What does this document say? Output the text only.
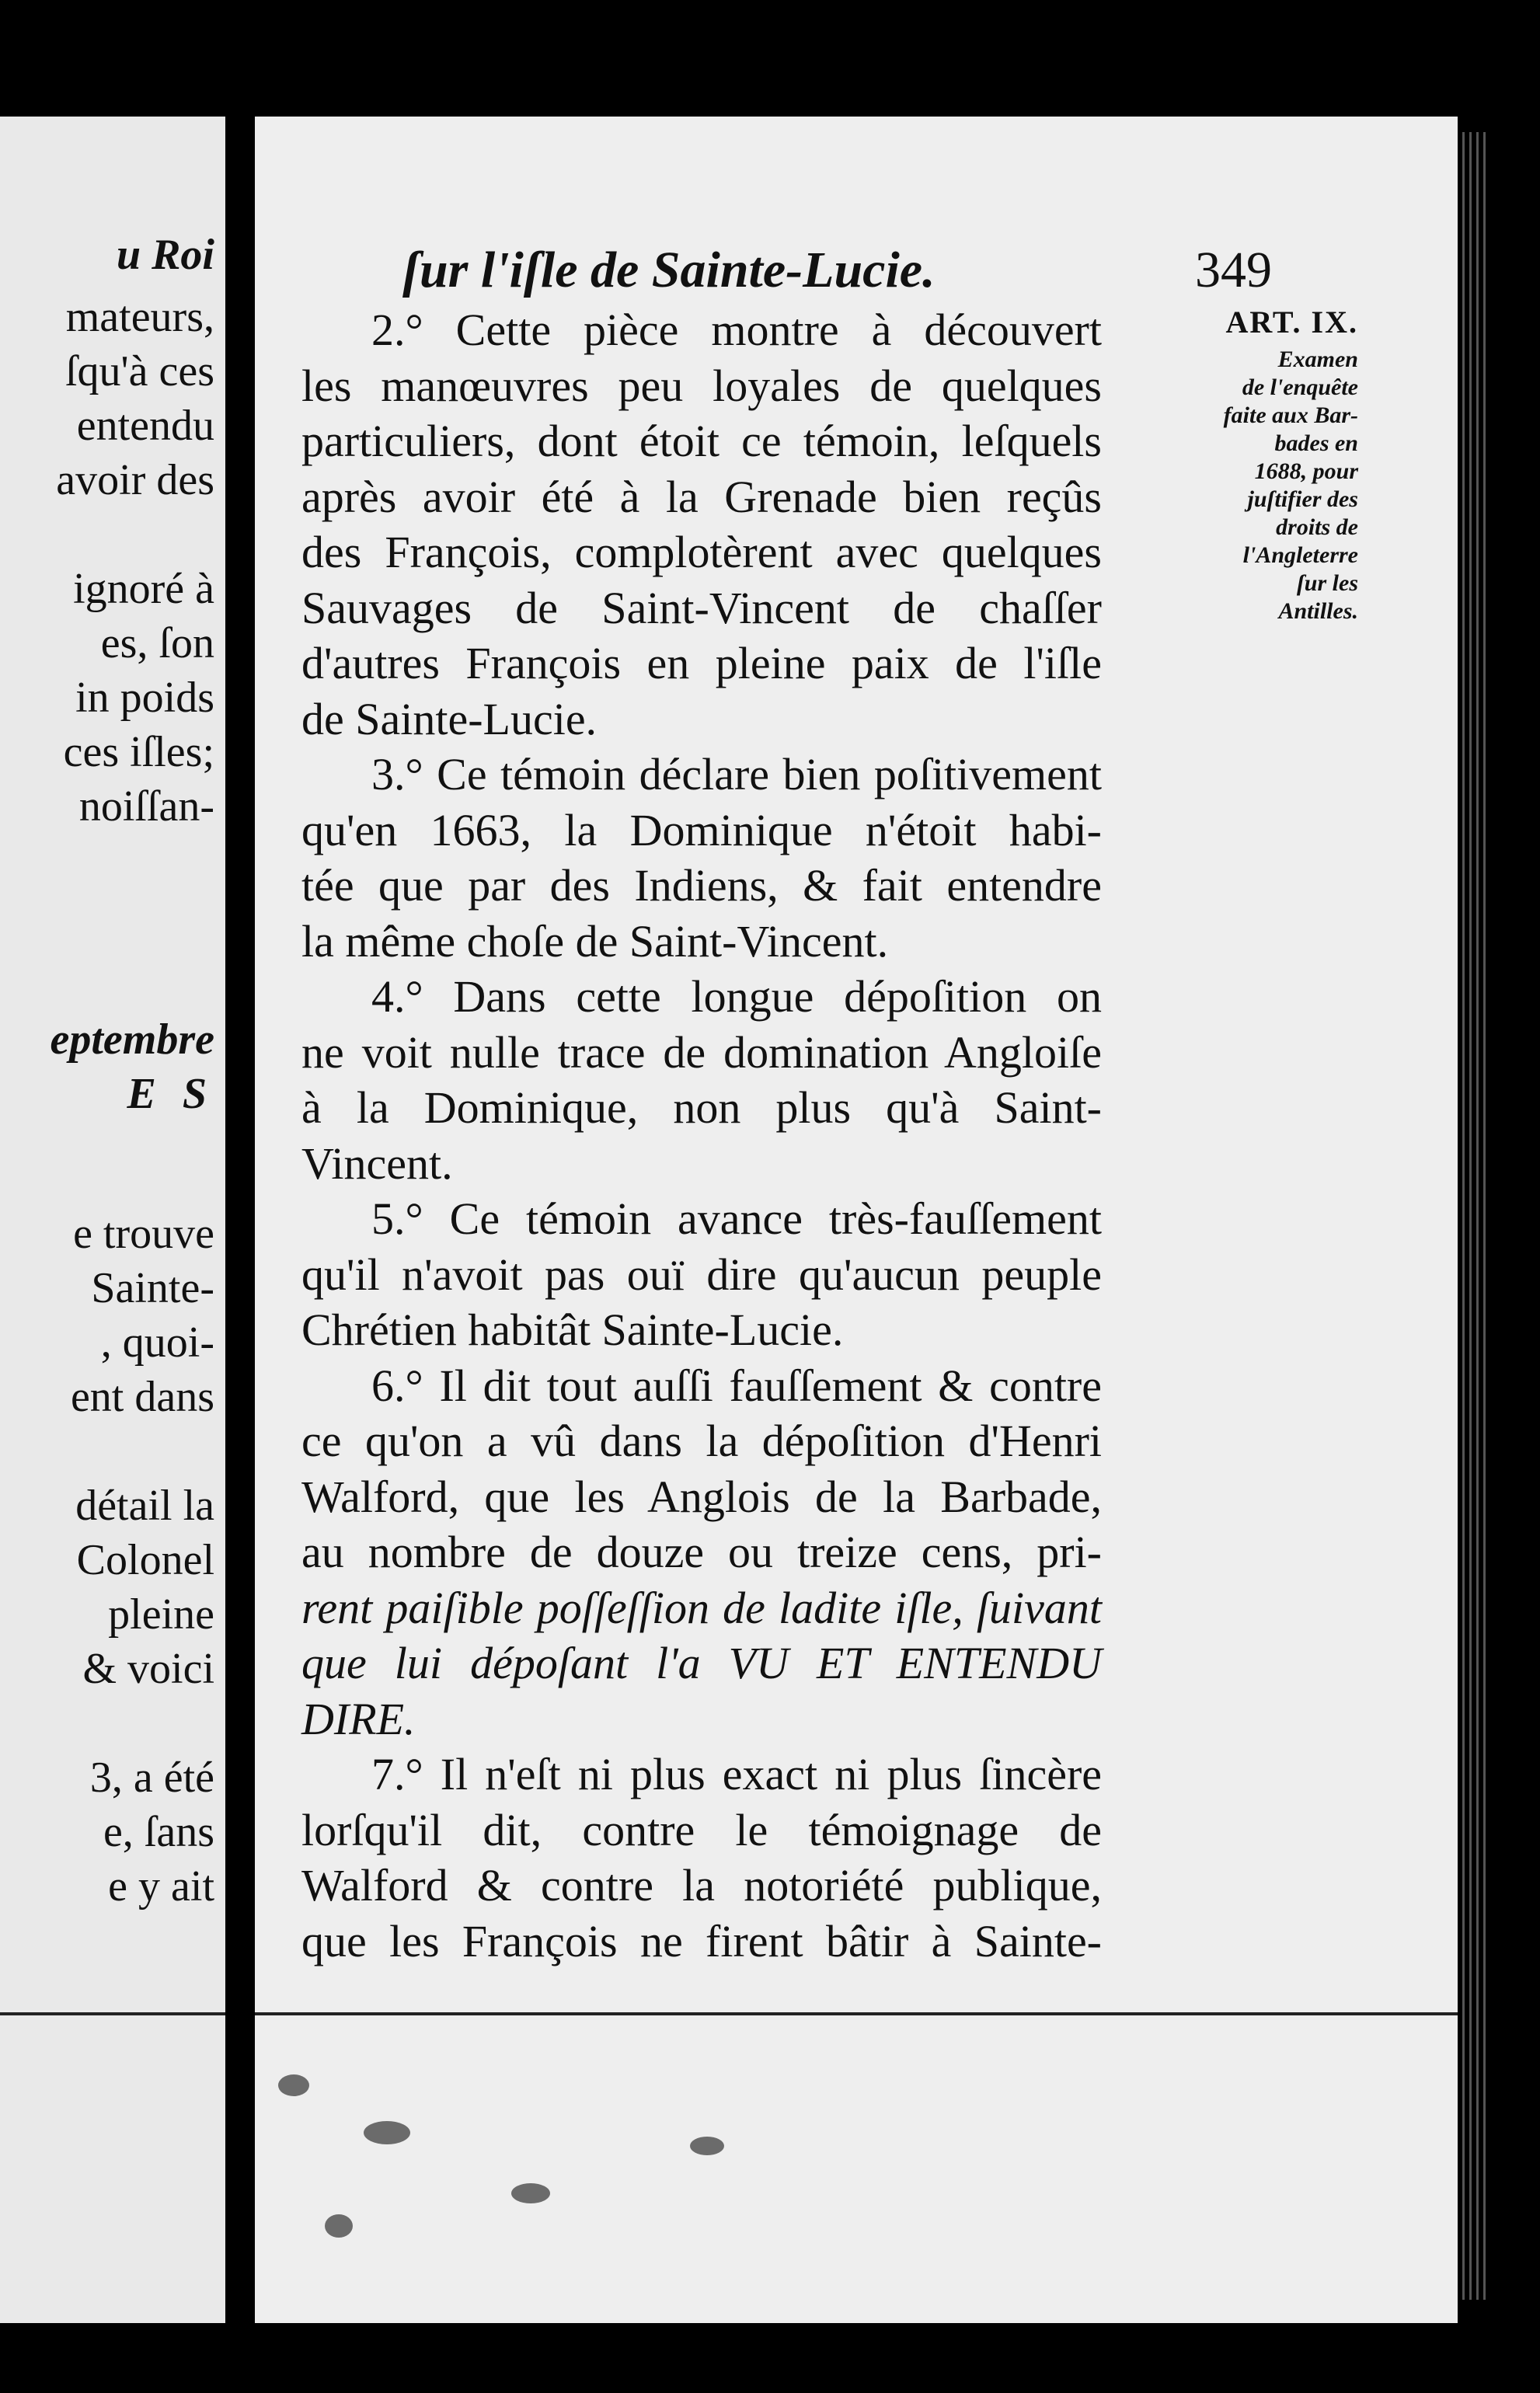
u Roi
mateurs,
ſqu'à ces
entendu
avoir des
ignoré à
es, ſon
in poids
ces iſles;
noiſſan-
eptembre
E S
e trouve
Sainte-
, quoi-
ent dans
détail la
Colonel
pleine
& voici
3, a été
e, ſans
e y ait
ſur l'iſle de Sainte-Lucie.	349
2.° Cette pièce montre à découvert
les manœuvres peu loyales de quelques
particuliers, dont étoit ce témoin, leſquels
après avoir été à la Grenade bien reçûs
des François, complotèrent avec quelques
Sauvages de Saint-Vincent de chaſſer
d'autres François en pleine paix de l'iſle
de Sainte-Lucie.
3.° Ce témoin déclare bien poſitivement
qu'en 1663, la Dominique n'étoit habi-
tée que par des Indiens, & fait entendre
la même choſe de Saint-Vincent.
4.° Dans cette longue dépoſition on
ne voit nulle trace de domination Angloiſe
à la Dominique, non plus qu'à Saint-
Vincent.
5.° Ce témoin avance très-fauſſement
qu'il n'avoit pas ouï dire qu'aucun peuple
Chrétien habitât Sainte-Lucie.
6.° Il dit tout auſſi fauſſement & contre
ce qu'on a vû dans la dépoſition d'Henri
Walford, que les Anglois de la Barbade,
au nombre de douze ou treize cens, pri-
rent paiſible poſſeſſion de ladite iſle, ſuivant
que lui dépoſant l'a VU ET ENTENDU
DIRE.
7.° Il n'eſt ni plus exact ni plus ſincère
lorſqu'il dit, contre le témoignage de
Walford & contre la notoriété publique,
que les François ne firent bâtir à Sainte-
ART. IX.
Examen
de l'enquête
faite aux Bar-
bades en
1688, pour
juſtifier des
droits de
l'Angleterre
ſur les
Antilles.
